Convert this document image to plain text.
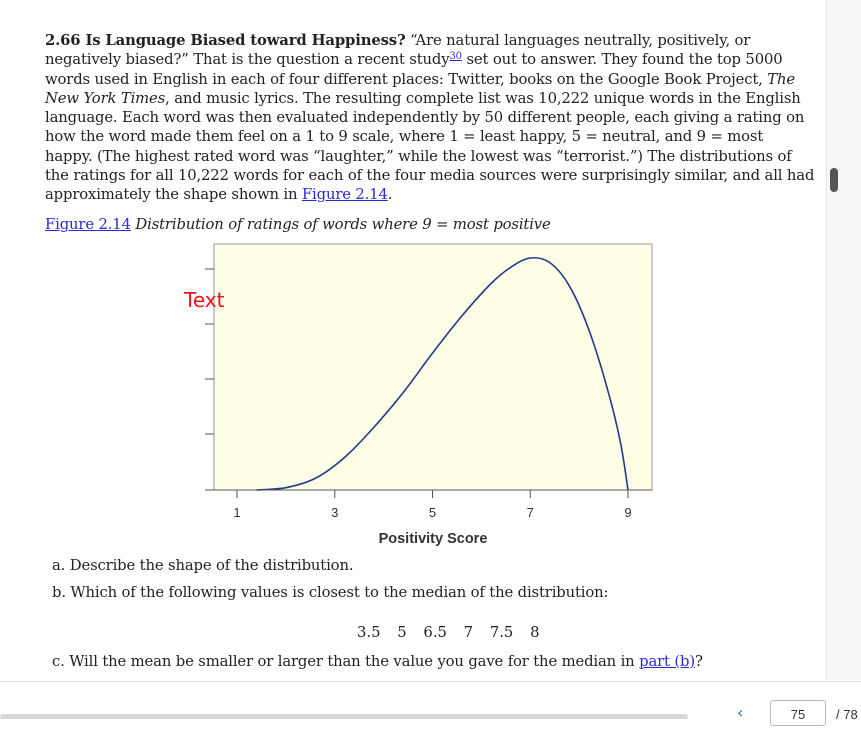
2.66 Is Language Biased toward Happiness? “Are natural languages neutrally, positively, or negatively biased?” That is the question a recent study$^{30}$ set out to answer. They found the top 5000 words used in English in each of four different places: Twitter, books on the Google Book Project, The New York Times, and music lyrics. The resulting complete list was 10,222 unique words in the English language. Each word was then evaluated independently by 50 different people, each giving a rating on how the word made them feel on a 1 to 9 scale, where 1 = least happy, 5 = neutral, and 9 = most happy. (The highest rated word was “laughter,” while the lowest was “terrorist.”) The distributions of the ratings for all 10,222 words for each of the four media sources were surprisingly similar, and all had approximately the shape shown in Figure 2.14.
Figure 2.14 Distribution of ratings of words where 9 = most positive
1	3	5	7	9
Positivity Score
Text
a. Describe the shape of the distribution.
b. Which of the following values is closest to the median of the distribution:
3.5 5 6.5 7 7.5 8
c. Will the mean be smaller or larger than the value you gave for the median in part (b)?
‹	75	/ 78
